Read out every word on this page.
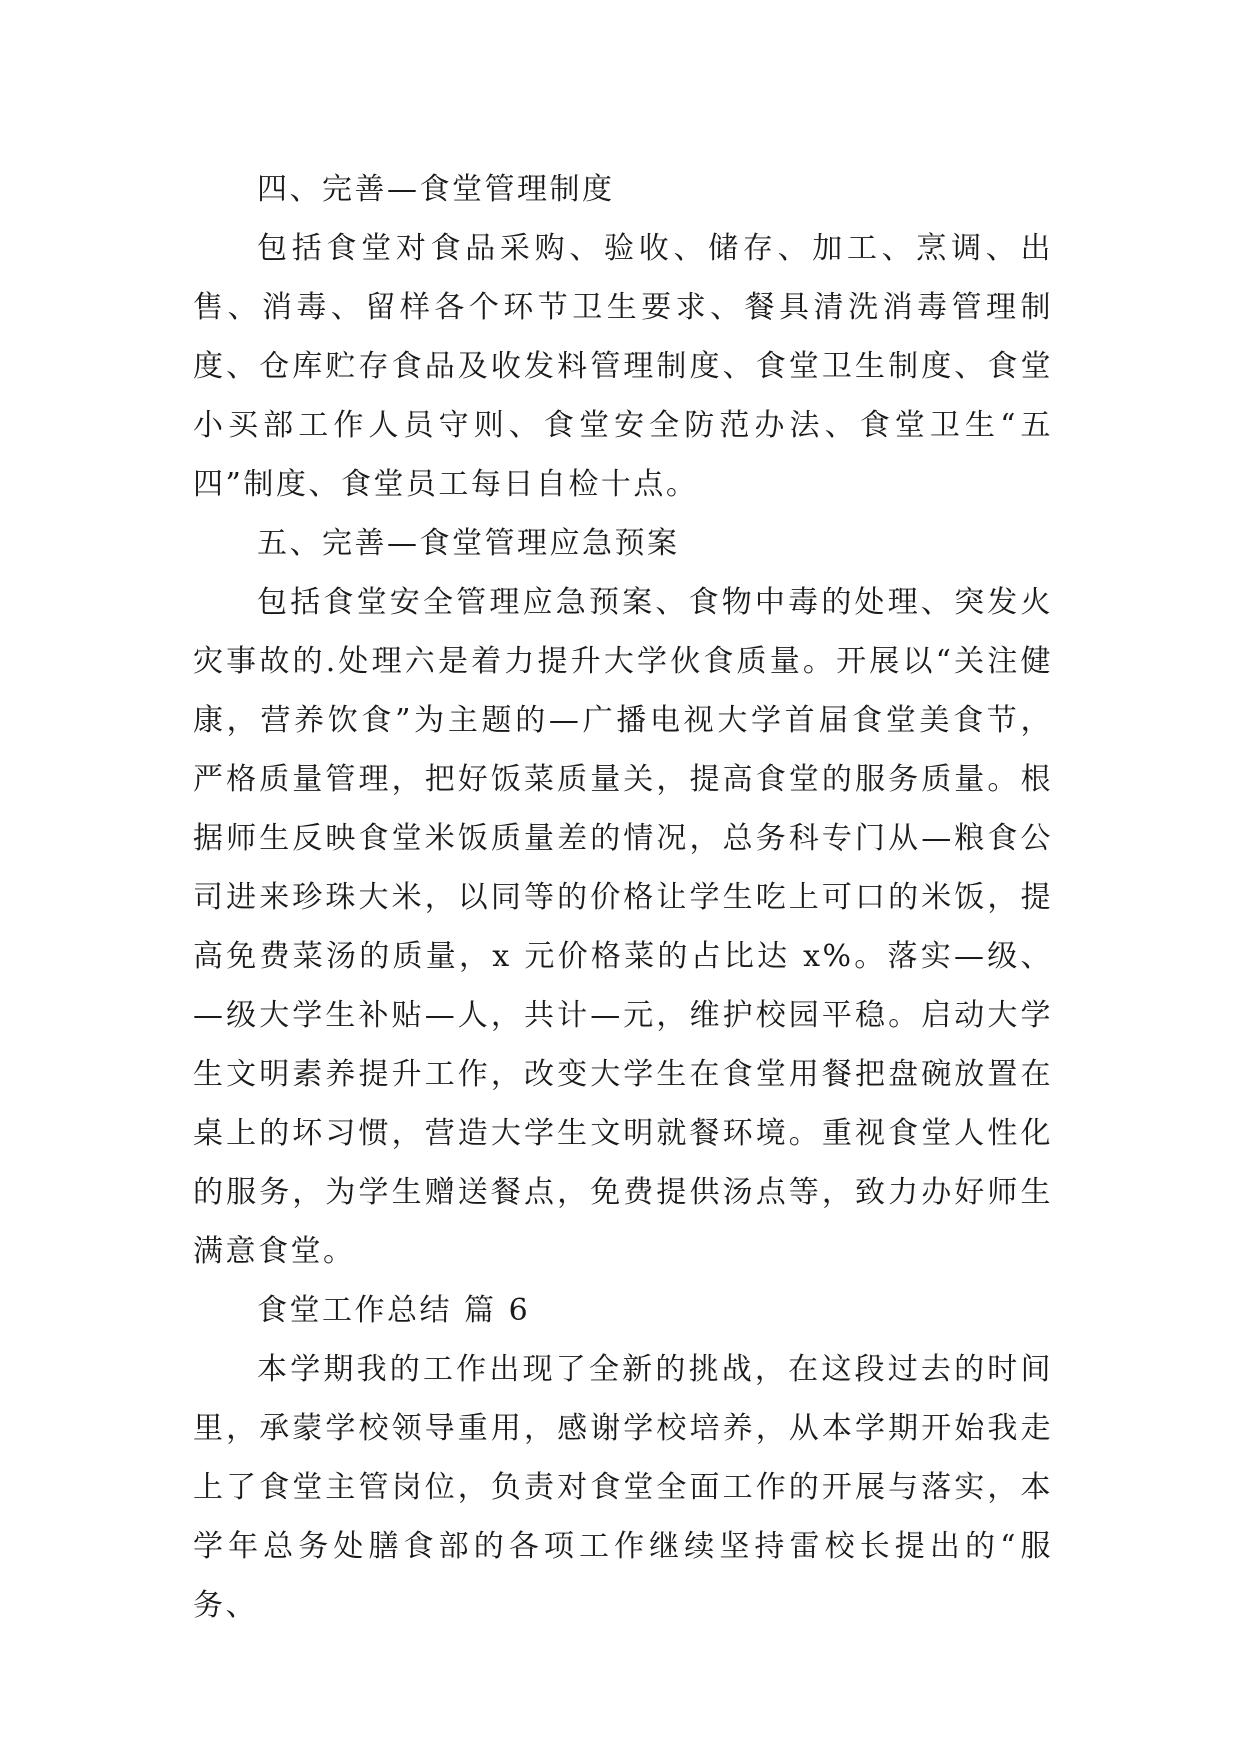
四、完善—食堂管理制度

包括食堂对食品采购、验收、储存、加工、烹调、出售、消毒、留样各个环节卫生要求、餐具清洗消毒管理制度、仓库贮存食品及收发料管理制度、食堂卫生制度、食堂小买部工作人员守则、食堂安全防范办法、食堂卫生“五四”制度、食堂员工每日自检十点。

五、完善—食堂管理应急预案

包括食堂安全管理应急预案、食物中毒的处理、突发火灾事故的.处理六是着力提升大学伙食质量。开展以“关注健康，营养饮食”为主题的—广播电视大学首届食堂美食节，严格质量管理，把好饭菜质量关，提高食堂的服务质量。根据师生反映食堂米饭质量差的情况，总务科专门从—粮食公司进来珍珠大米，以同等的价格让学生吃上可口的米饭，提高免费菜汤的质量，x 元价格菜的占比达 x%。落实—级、—级大学生补贴—人，共计—元，维护校园平稳。启动大学生文明素养提升工作，改变大学生在食堂用餐把盘碗放置在桌上的坏习惯，营造大学生文明就餐环境。重视食堂人性化的服务，为学生赠送餐点，免费提供汤点等，致力办好师生满意食堂。

食堂工作总结 篇 6

本学期我的工作出现了全新的挑战，在这段过去的时间里，承蒙学校领导重用，感谢学校培养，从本学期开始我走上了食堂主管岗位，负责对食堂全面工作的开展与落实，本学年总务处膳食部的各项工作继续坚持雷校长提出的“服务、
